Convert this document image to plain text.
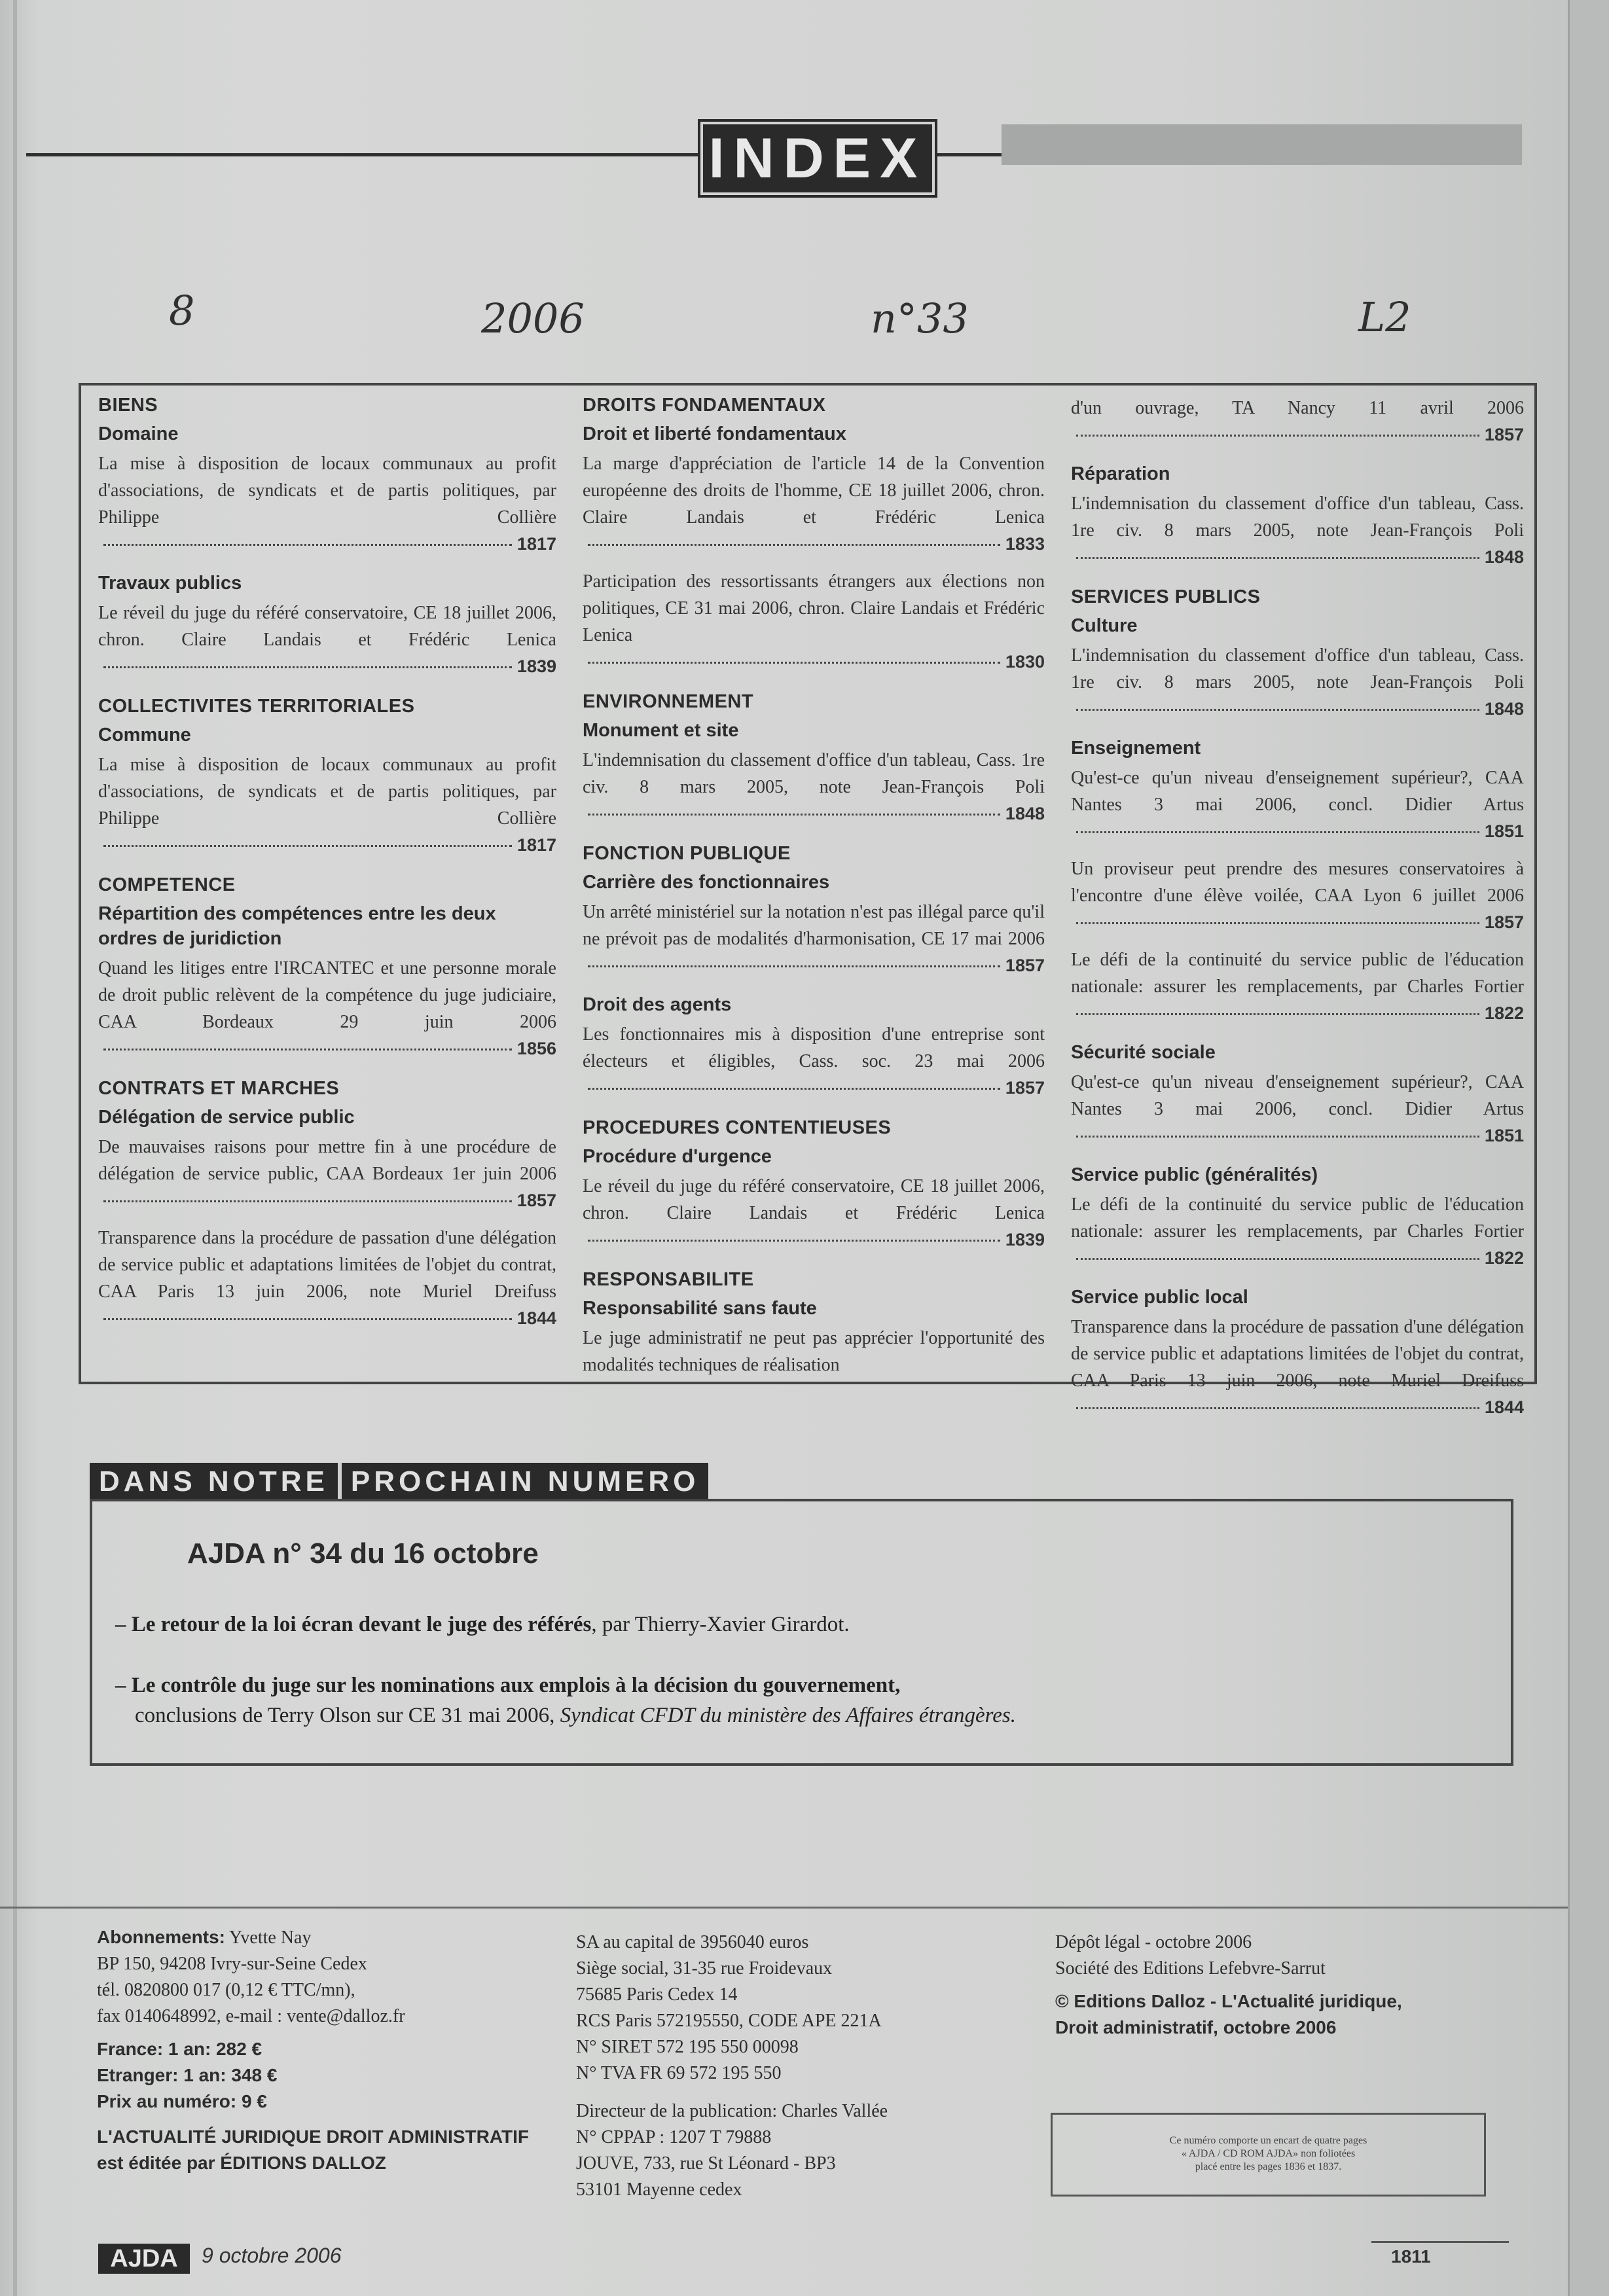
INDEX
8	2006	n°33	L2
BIENS
Domaine
La mise à disposition de locaux communaux au profit d'associations, de syndicats et de partis politiques, par Philippe Collière
1817
Travaux publics
Le réveil du juge du référé conservatoire, CE 18 juillet 2006, chron. Claire Landais et Frédéric Lenica
1839
COLLECTIVITES TERRITORIALES
Commune
La mise à disposition de locaux communaux au profit d'associations, de syndicats et de partis politiques, par Philippe Collière
1817
COMPETENCE
Répartition des compétences entre les deux ordres de juridiction
Quand les litiges entre l'IRCANTEC et une personne morale de droit public relèvent de la compétence du juge judiciaire, CAA Bordeaux 29 juin 2006
1856
CONTRATS ET MARCHES
Délégation de service public
De mauvaises raisons pour mettre fin à une procédure de délégation de service public, CAA Bordeaux 1er juin 2006
1857
Transparence dans la procédure de passation d'une délégation de service public et adaptations limitées de l'objet du contrat, CAA Paris 13 juin 2006, note Muriel Dreifuss
1844
DROITS FONDAMENTAUX
Droit et liberté fondamentaux
La marge d'appréciation de l'article 14 de la Convention européenne des droits de l'homme, CE 18 juillet 2006, chron. Claire Landais et Frédéric Lenica
1833
Participation des ressortissants étrangers aux élections non politiques, CE 31 mai 2006, chron. Claire Landais et Frédéric Lenica
1830
ENVIRONNEMENT
Monument et site
L'indemnisation du classement d'office d'un tableau, Cass. 1re civ. 8 mars 2005, note Jean-François Poli
1848
FONCTION PUBLIQUE
Carrière des fonctionnaires
Un arrêté ministériel sur la notation n'est pas illégal parce qu'il ne prévoit pas de modalités d'harmonisation, CE 17 mai 2006
1857
Droit des agents
Les fonctionnaires mis à disposition d'une entreprise sont électeurs et éligibles, Cass. soc. 23 mai 2006
1857
PROCEDURES CONTENTIEUSES
Procédure d'urgence
Le réveil du juge du référé conservatoire, CE 18 juillet 2006, chron. Claire Landais et Frédéric Lenica
1839
RESPONSABILITE
Responsabilité sans faute
Le juge administratif ne peut pas apprécier l'opportunité des modalités techniques de réalisation
d'un ouvrage, TA Nancy 11 avril 2006
1857
Réparation
L'indemnisation du classement d'office d'un tableau, Cass. 1re civ. 8 mars 2005, note Jean-François Poli
1848
SERVICES PUBLICS
Culture
L'indemnisation du classement d'office d'un tableau, Cass. 1re civ. 8 mars 2005, note Jean-François Poli
1848
Enseignement
Qu'est-ce qu'un niveau d'enseignement supérieur?, CAA Nantes 3 mai 2006, concl. Didier Artus
1851
Un proviseur peut prendre des mesures conservatoires à l'encontre d'une élève voilée, CAA Lyon 6 juillet 2006
1857
Le défi de la continuité du service public de l'éducation nationale: assurer les remplacements, par Charles Fortier
1822
Sécurité sociale
Qu'est-ce qu'un niveau d'enseignement supérieur?, CAA Nantes 3 mai 2006, concl. Didier Artus
1851
Service public (généralités)
Le défi de la continuité du service public de l'éducation nationale: assurer les remplacements, par Charles Fortier
1822
Service public local
Transparence dans la procédure de passation d'une délégation de service public et adaptations limitées de l'objet du contrat, CAA Paris 13 juin 2006, note Muriel Dreifuss
1844
DANS NOTRE PROCHAIN NUMERO
AJDA n° 34 du 16 octobre
– Le retour de la loi écran devant le juge des référés, par Thierry-Xavier Girardot.
– Le contrôle du juge sur les nominations aux emplois à la décision du gouvernement,
conclusions de Terry Olson sur CE 31 mai 2006, Syndicat CFDT du ministère des Affaires étrangères.
Abonnements: Yvette Nay
BP 150, 94208 Ivry-sur-Seine Cedex
tél. 0820800 017 (0,12 € TTC/mn),
fax 0140648992, e-mail : vente@dalloz.fr
France: 1 an: 282 €
Etranger: 1 an: 348 €
Prix au numéro: 9 €
L'ACTUALITÉ JURIDIQUE DROIT ADMINISTRATIF
est éditée par ÉDITIONS DALLOZ
SA au capital de 3956040 euros
Siège social, 31-35 rue Froidevaux
75685 Paris Cedex 14
RCS Paris 572195550, CODE APE 221A
N° SIRET 572 195 550 00098
N° TVA FR 69 572 195 550
Directeur de la publication: Charles Vallée
N° CPPAP : 1207 T 79888
JOUVE, 733, rue St Léonard - BP3
53101 Mayenne cedex
Dépôt légal - octobre 2006
Société des Editions Lefebvre-Sarrut
© Editions Dalloz - L'Actualité juridique,
Droit administratif, octobre 2006
Ce numéro comporte un encart de quatre pages
« AJDA / CD ROM AJDA» non foliotées
placé entre les pages 1836 et 1837.
AJDA	9 octobre 2006	1811
